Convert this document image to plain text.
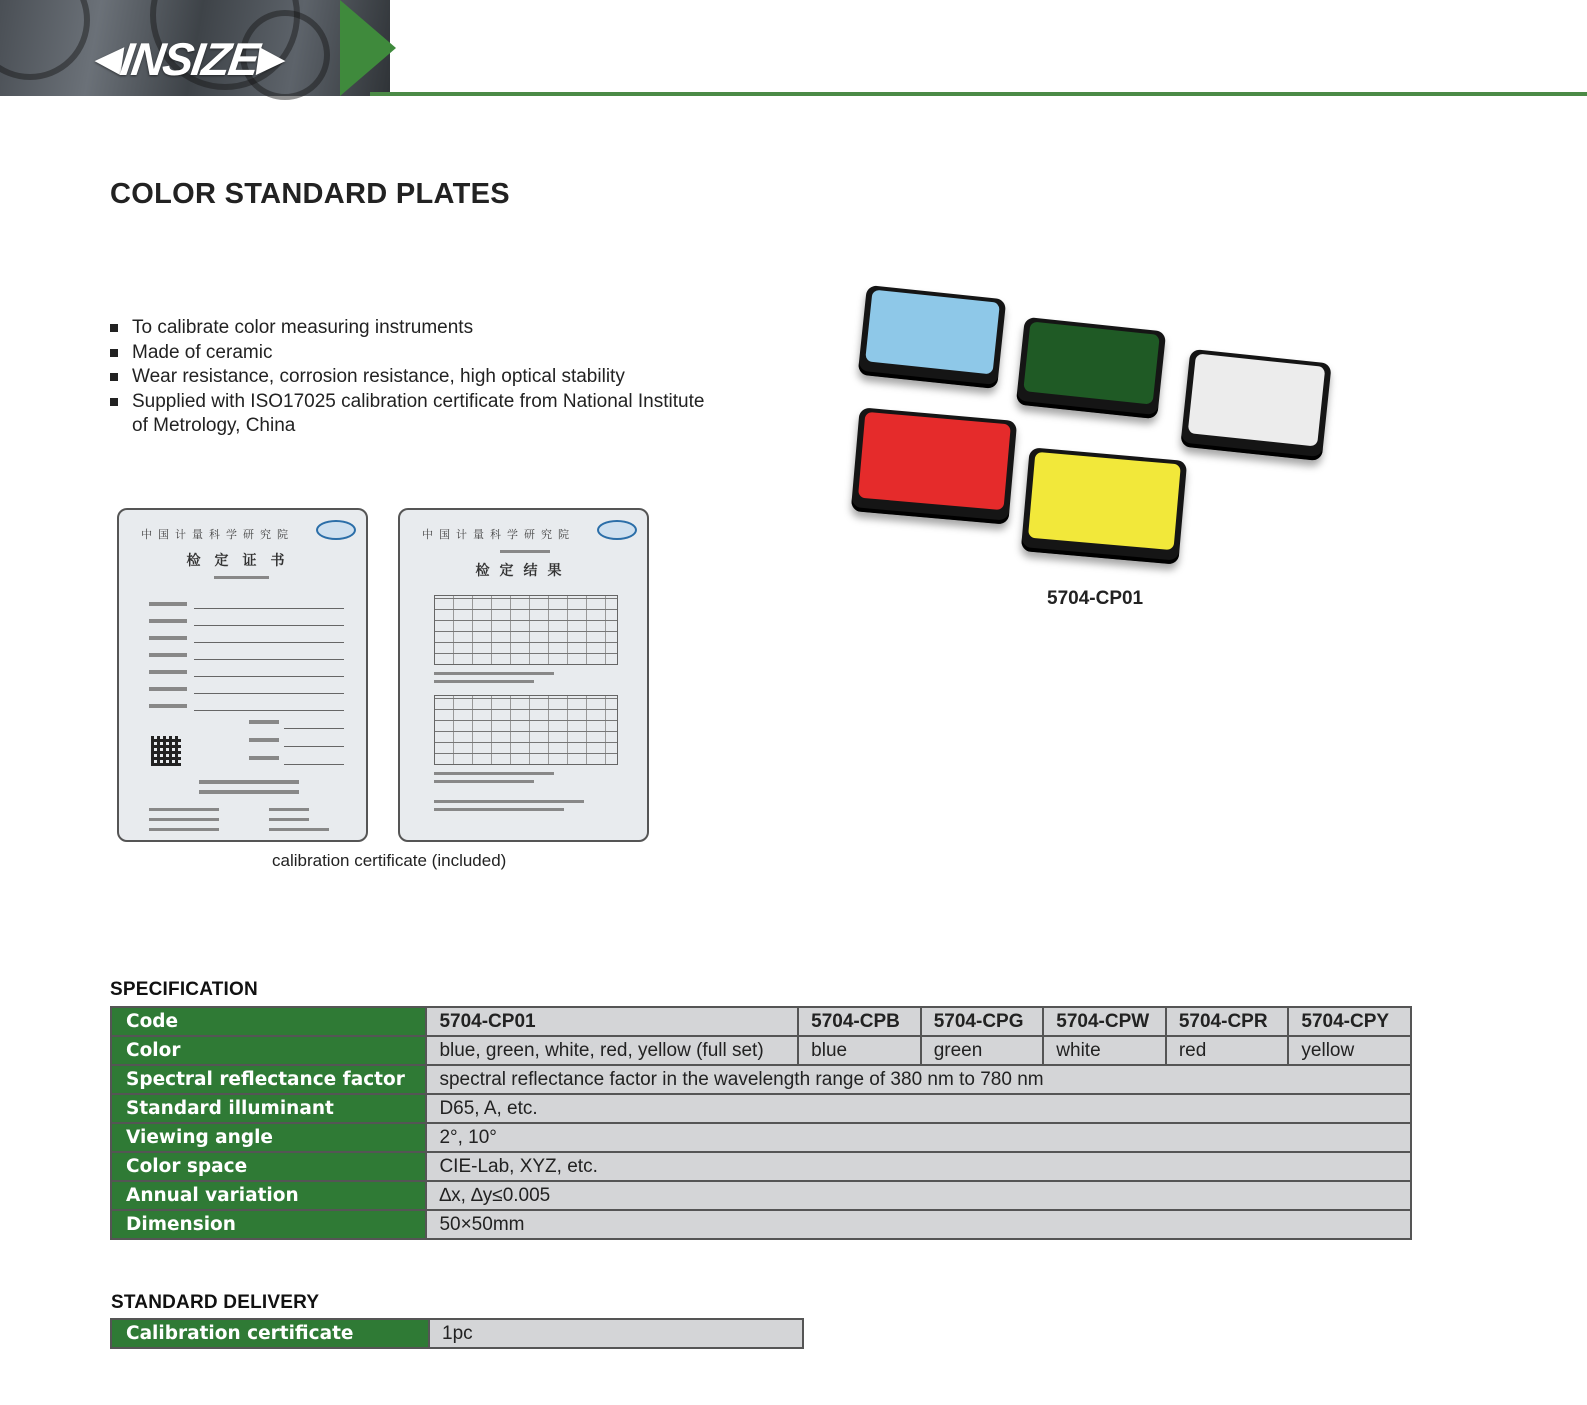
◀
INSIZE
▶
COLOR STANDARD PLATES
To calibrate color measuring instruments
Made of ceramic
Wear resistance, corrosion resistance, high optical stability
Supplied with ISO17025 calibration certificate from National Institute of Metrology, China
中国计量科学研究院
检定证书
中国计量科学研究院
检定结果
calibration certificate (included)
5704-CP01
SPECIFICATION
Code	5704-CP01	5704-CPB	5704-CPG	5704-CPW	5704-CPR	5704-CPY
Color	blue, green, white, red, yellow (full set)	blue	green	white	red	yellow
Spectral reflectance factor	spectral reflectance factor in the wavelength range of 380 nm to 780 nm					
Standard illuminant	D65, A, etc.					
Viewing angle	2°, 10°					
Color space	CIE-Lab, XYZ, etc.					
Annual variation	∆x, ∆y≤0.005					
Dimension	50×50mm					
STANDARD DELIVERY
Calibration certificate	1pc
